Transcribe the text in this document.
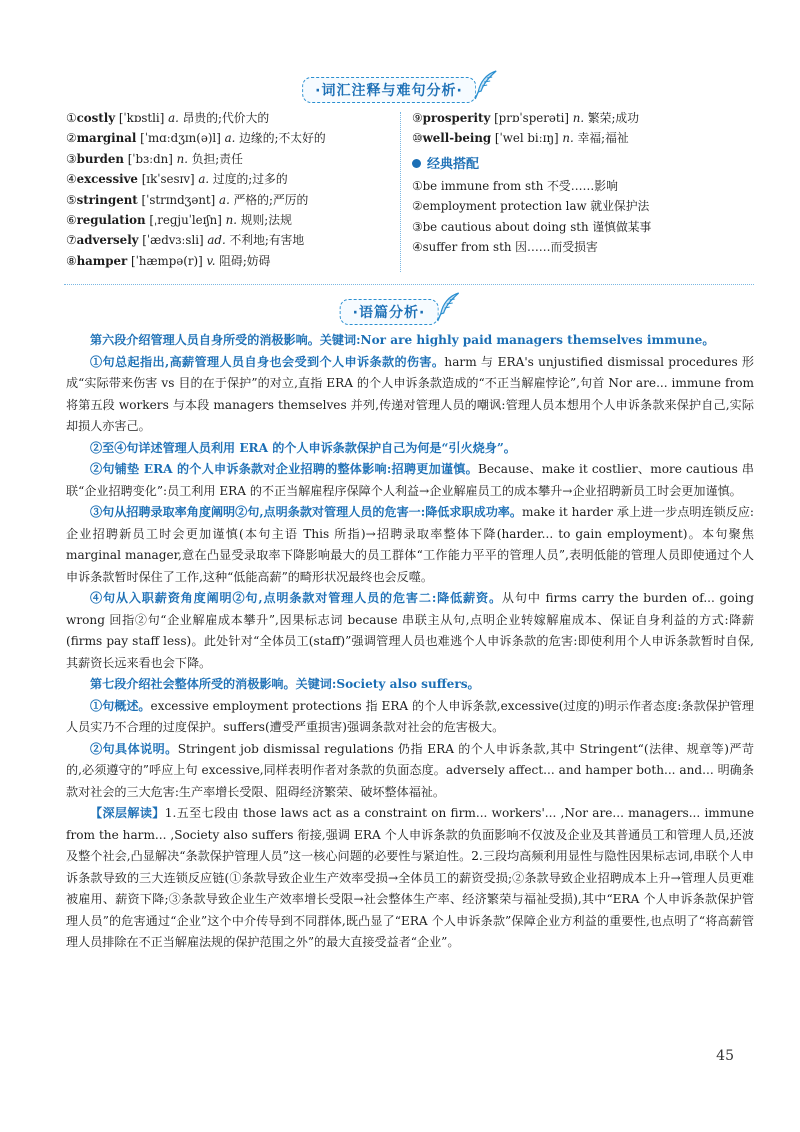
·词汇注释与难句分析·
①costly [ˈkɒstli] a. 昂贵的;代价大的
②marginal [ˈmɑːdʒɪn(ə)l] a. 边缘的;不太好的
③burden [ˈbɜːdn] n. 负担;责任
④excessive [ɪkˈsesɪv] a. 过度的;过多的
⑤stringent [ˈstrɪndʒənt] a. 严格的;严厉的
⑥regulation [ˌreɡjuˈleɪʃn] n. 规则;法规
⑦adversely [ˈædvɜːsli] ad. 不利地;有害地
⑧hamper [ˈhæmpə(r)] v. 阻碍;妨碍
⑨prosperity [prɒˈsperəti] n. 繁荣;成功
⑩well-being [ˈwel biːɪŋ] n. 幸福;福祉
经典搭配
①be immune from sth 不受……影响
②employment protection law 就业保护法
③be cautious about doing sth 谨慎做某事
④suffer from sth 因……而受损害
·语篇分析·

第六段介绍管理人员自身所受的消极影响。关键词:Nor are highly paid managers themselves immune。

①句总起指出,高薪管理人员自身也会受到个人申诉条款的伤害。harm 与 ERA's unjustified dismissal procedures 形成“实际带来伤害 vs 目的在于保护”的对立,直指 ERA 的个人申诉条款造成的“不正当解雇悖论”,句首 Nor are... immune from 将第五段 workers 与本段 managers themselves 并列,传递对管理人员的嘲讽:管理人员本想用个人申诉条款来保护自己,实际却损人亦害己。

②至④句详述管理人员利用 ERA 的个人申诉条款保护自己为何是“引火烧身”。

②句铺垫 ERA 的个人申诉条款对企业招聘的整体影响:招聘更加谨慎。Because、make it costlier、more cautious 串联“企业招聘变化”:员工利用 ERA 的不正当解雇程序保障个人利益→企业解雇员工的成本攀升→企业招聘新员工时会更加谨慎。

③句从招聘录取率角度阐明②句,点明条款对管理人员的危害一:降低求职成功率。make it harder 承上进一步点明连锁反应:企业招聘新员工时会更加谨慎(本句主语 This 所指)→招聘录取率整体下降(harder... to gain employment)。本句聚焦 marginal manager,意在凸显受录取率下降影响最大的员工群体“工作能力平平的管理人员”,表明低能的管理人员即使通过个人申诉条款暂时保住了工作,这种“低能高薪”的畸形状况最终也会反噬。

④句从入职薪资角度阐明②句,点明条款对管理人员的危害二:降低薪资。从句中 firms carry the burden of... going wrong 回指②句“企业解雇成本攀升”,因果标志词 because 串联主从句,点明企业转嫁解雇成本、保证自身利益的方式:降薪(firms pay staff less)。此处针对“全体员工(staff)”强调管理人员也难逃个人申诉条款的危害:即使利用个人申诉条款暂时自保,其薪资长远来看也会下降。

第七段介绍社会整体所受的消极影响。关键词:Society also suffers。

①句概述。excessive employment protections 指 ERA 的个人申诉条款,excessive(过度的)明示作者态度:条款保护管理人员实乃不合理的过度保护。suffers(遭受严重损害)强调条款对社会的危害极大。

②句具体说明。Stringent job dismissal regulations 仍指 ERA 的个人申诉条款,其中 Stringent“(法律、规章等)严苛的,必须遵守的”呼应上句 excessive,同样表明作者对条款的负面态度。adversely affect... and hamper both... and... 明确条款对社会的三大危害:生产率增长受限、阻碍经济繁荣、破坏整体福祉。

【深层解读】1.五至七段由 those laws act as a constraint on firm... workers'... ,Nor are... managers... immune from the harm... ,Society also suffers 衔接,强调 ERA 个人申诉条款的负面影响不仅波及企业及其普通员工和管理人员,还波及整个社会,凸显解决“条款保护管理人员”这一核心问题的必要性与紧迫性。2.三段均高频利用显性与隐性因果标志词,串联个人申诉条款导致的三大连锁反应链(①条款导致企业生产效率受损→全体员工的薪资受损;②条款导致企业招聘成本上升→管理人员更难被雇用、薪资下降;③条款导致企业生产效率增长受限→社会整体生产率、经济繁荣与福祉受损),其中“ERA 个人申诉条款保护管理人员”的危害通过“企业”这个中介传导到不同群体,既凸显了“ERA 个人申诉条款”保障企业方利益的重要性,也点明了“将高薪管理人员排除在不正当解雇法规的保护范围之外”的最大直接受益者“企业”。

45
